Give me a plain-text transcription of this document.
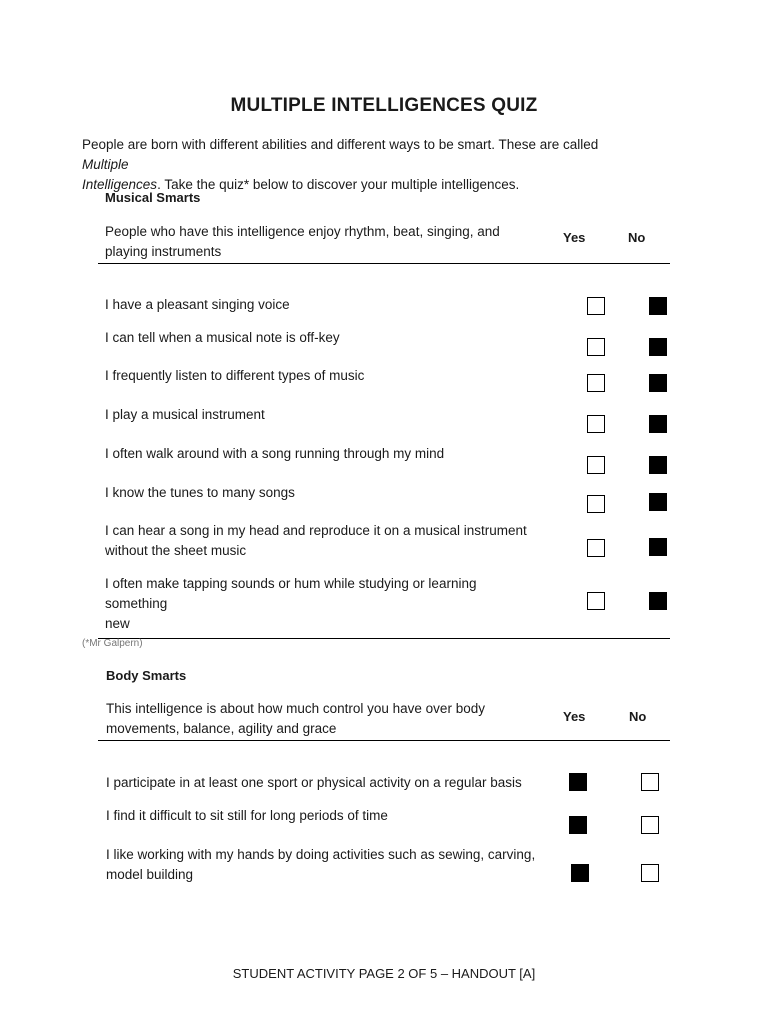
MULTIPLE INTELLIGENCES QUIZ
People are born with different abilities and different ways to be smart. These are called Multiple
Intelligences. Take the quiz* below to discover your multiple intelligences.
Musical Smarts
People who have this intelligence enjoy rhythm, beat, singing, and
playing instruments
Yes	No
I have a pleasant singing voice
I can tell when a musical note is off-key
I frequently listen to different types of music
I play a musical instrument
I often walk around with a song running through my mind
I know the tunes to many songs
I can hear a song in my head and reproduce it on a musical instrument
without the sheet music
I often make tapping sounds or hum while studying or learning something
new
(*Mr Galpern)
Body Smarts
This intelligence is about how much control you have over body
movements, balance, agility and grace
Yes	No
I participate in at least one sport or physical activity on a regular basis
I find it difficult to sit still for long periods of time
I like working with my hands by doing activities such as sewing, carving,
model building
STUDENT ACTIVITY PAGE 2 OF 5 – HANDOUT [A]
